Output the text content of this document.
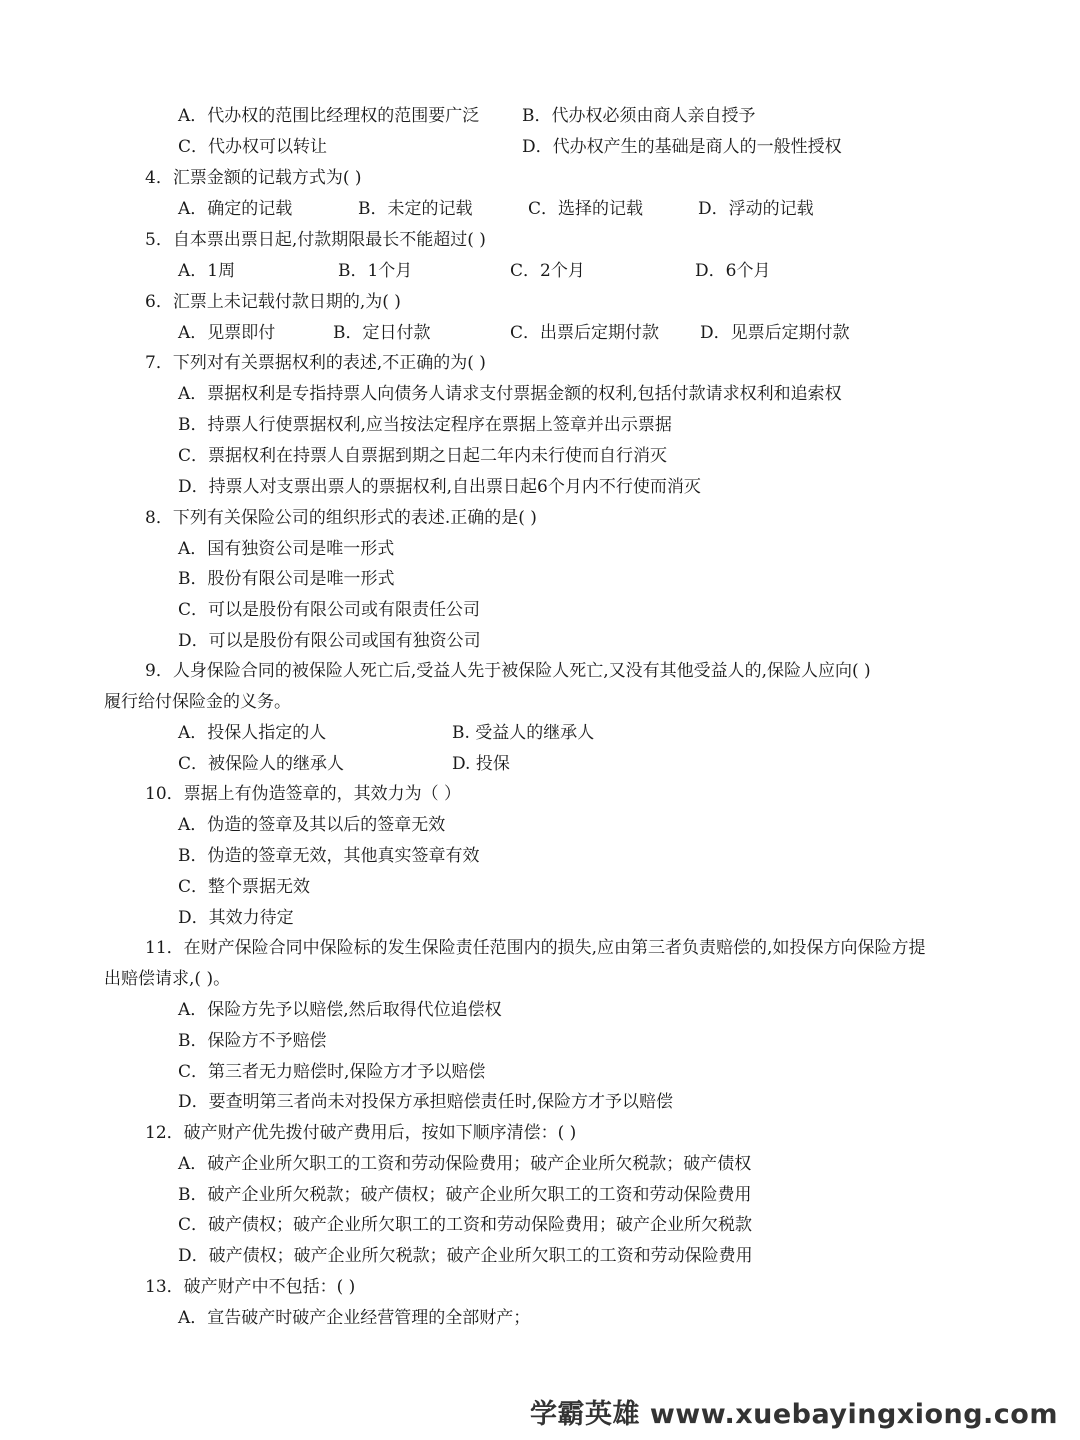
A．代办权的范围比经理权的范围要广泛	B．代办权必须由商人亲自授予
C．代办权可以转让	D．代办权产生的基础是商人的一般性授权
4．汇票金额的记载方式为( )
A．确定的记载	B．未定的记载	C．选择的记载	D．浮动的记载
5．自本票出票日起,付款期限最长不能超过( )
A．1周	B．1个月	C．2个月	D．6个月
6．汇票上未记载付款日期的,为( )
A．见票即付	B．定日付款	C．出票后定期付款 D．见票后定期付款
7．下列对有关票据权利的表述,不正确的为( )
A．票据权利是专指持票人向债务人请求支付票据金额的权利,包括付款请求权利和追索权
B．持票人行使票据权利,应当按法定程序在票据上签章并出示票据
C．票据权利在持票人自票据到期之日起二年内未行使而自行消灭
D．持票人对支票出票人的票据权利,自出票日起6个月内不行使而消灭
8．下列有关保险公司的组织形式的表述.正确的是( )
A．国有独资公司是唯一形式
B．股份有限公司是唯一形式
C．可以是股份有限公司或有限责任公司
D．可以是股份有限公司或国有独资公司
9．人身保险合同的被保险人死亡后,受益人先于被保险人死亡,又没有其他受益人的,保险人应向( )
履行给付保险金的义务。
A．投保人指定的人	B. 受益人的继承人
C．被保险人的继承人	D. 投保
10．票据上有伪造签章的，其效力为（ ）
A．伪造的签章及其以后的签章无效
B．伪造的签章无效，其他真实签章有效
C．整个票据无效
D．其效力待定
11．在财产保险合同中保险标的发生保险责任范围内的损失,应由第三者负责赔偿的,如投保方向保险方提
出赔偿请求,( )。
A．保险方先予以赔偿,然后取得代位追偿权
B．保险方不予赔偿
C．第三者无力赔偿时,保险方才予以赔偿
D．要查明第三者尚未对投保方承担赔偿责任时,保险方才予以赔偿
12．破产财产优先拨付破产费用后，按如下顺序清偿：( )
A．破产企业所欠职工的工资和劳动保险费用；破产企业所欠税款；破产债权
B．破产企业所欠税款；破产债权；破产企业所欠职工的工资和劳动保险费用
C．破产债权；破产企业所欠职工的工资和劳动保险费用；破产企业所欠税款
D．破产债权；破产企业所欠税款；破产企业所欠职工的工资和劳动保险费用
13．破产财产中不包括：( )
A．宣告破产时破产企业经营管理的全部财产；
学霸英雄 www.xuebayingxiong.com
